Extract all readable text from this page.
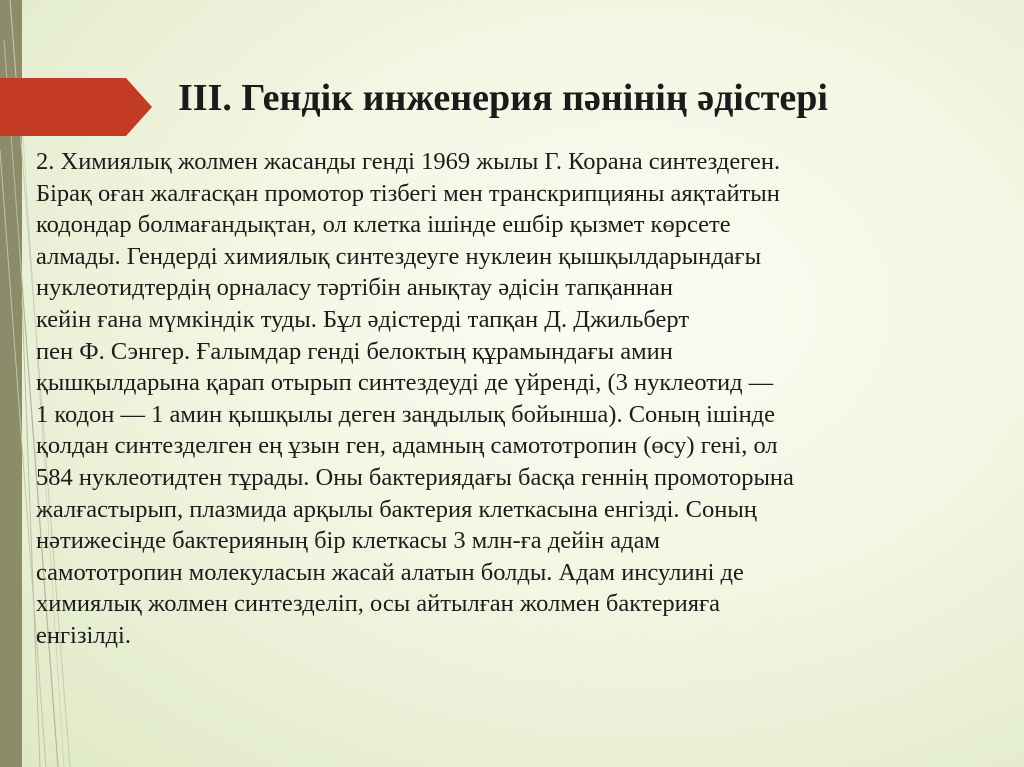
III. Гендік инженерия пәнінің әдістері
2. Химиялық жолмен жасанды генді 1969 жылы Г. Корана синтездеген.
Бірақ оған жалғасқан промотор тізбегі мен транскрипцияны аяқтайтын
кодондар болмағандықтан, ол клетка ішінде ешбір қызмет көрсете
алмады. Гендерді химиялық синтездеуге нуклеин қышқылдарындағы
нуклеотидтердің орналасу тәртібін анықтау әдісін тапқаннан
кейін ғана мүмкіндік туды. Бұл әдістерді тапқан Д. Джильберт
пен Ф. Сэнгер. Ғалымдар генді белоктың құрамындағы амин
қышқылдарына қарап отырып синтездеуді де үйренді, (3 нуклеотид —
1 кодон — 1 амин қышқылы деген заңдылық бойынша). Соның ішінде
қолдан синтезделген ең ұзын ген, адамның самототропин (өсу) гені, ол
584 нуклеотидтен тұрады. Оны бактериядағы басқа геннің промоторына
жалғастырып, плазмида арқылы бактерия клеткасына енгізді. Соның
нәтижесінде бактерияның бір клеткасы 3 млн-ға дейін адам
самототропин молекуласын жасай алатын болды. Адам инсулині де
химиялық жолмен синтезделіп, осы айтылған жолмен бактерияға
енгізілді.
